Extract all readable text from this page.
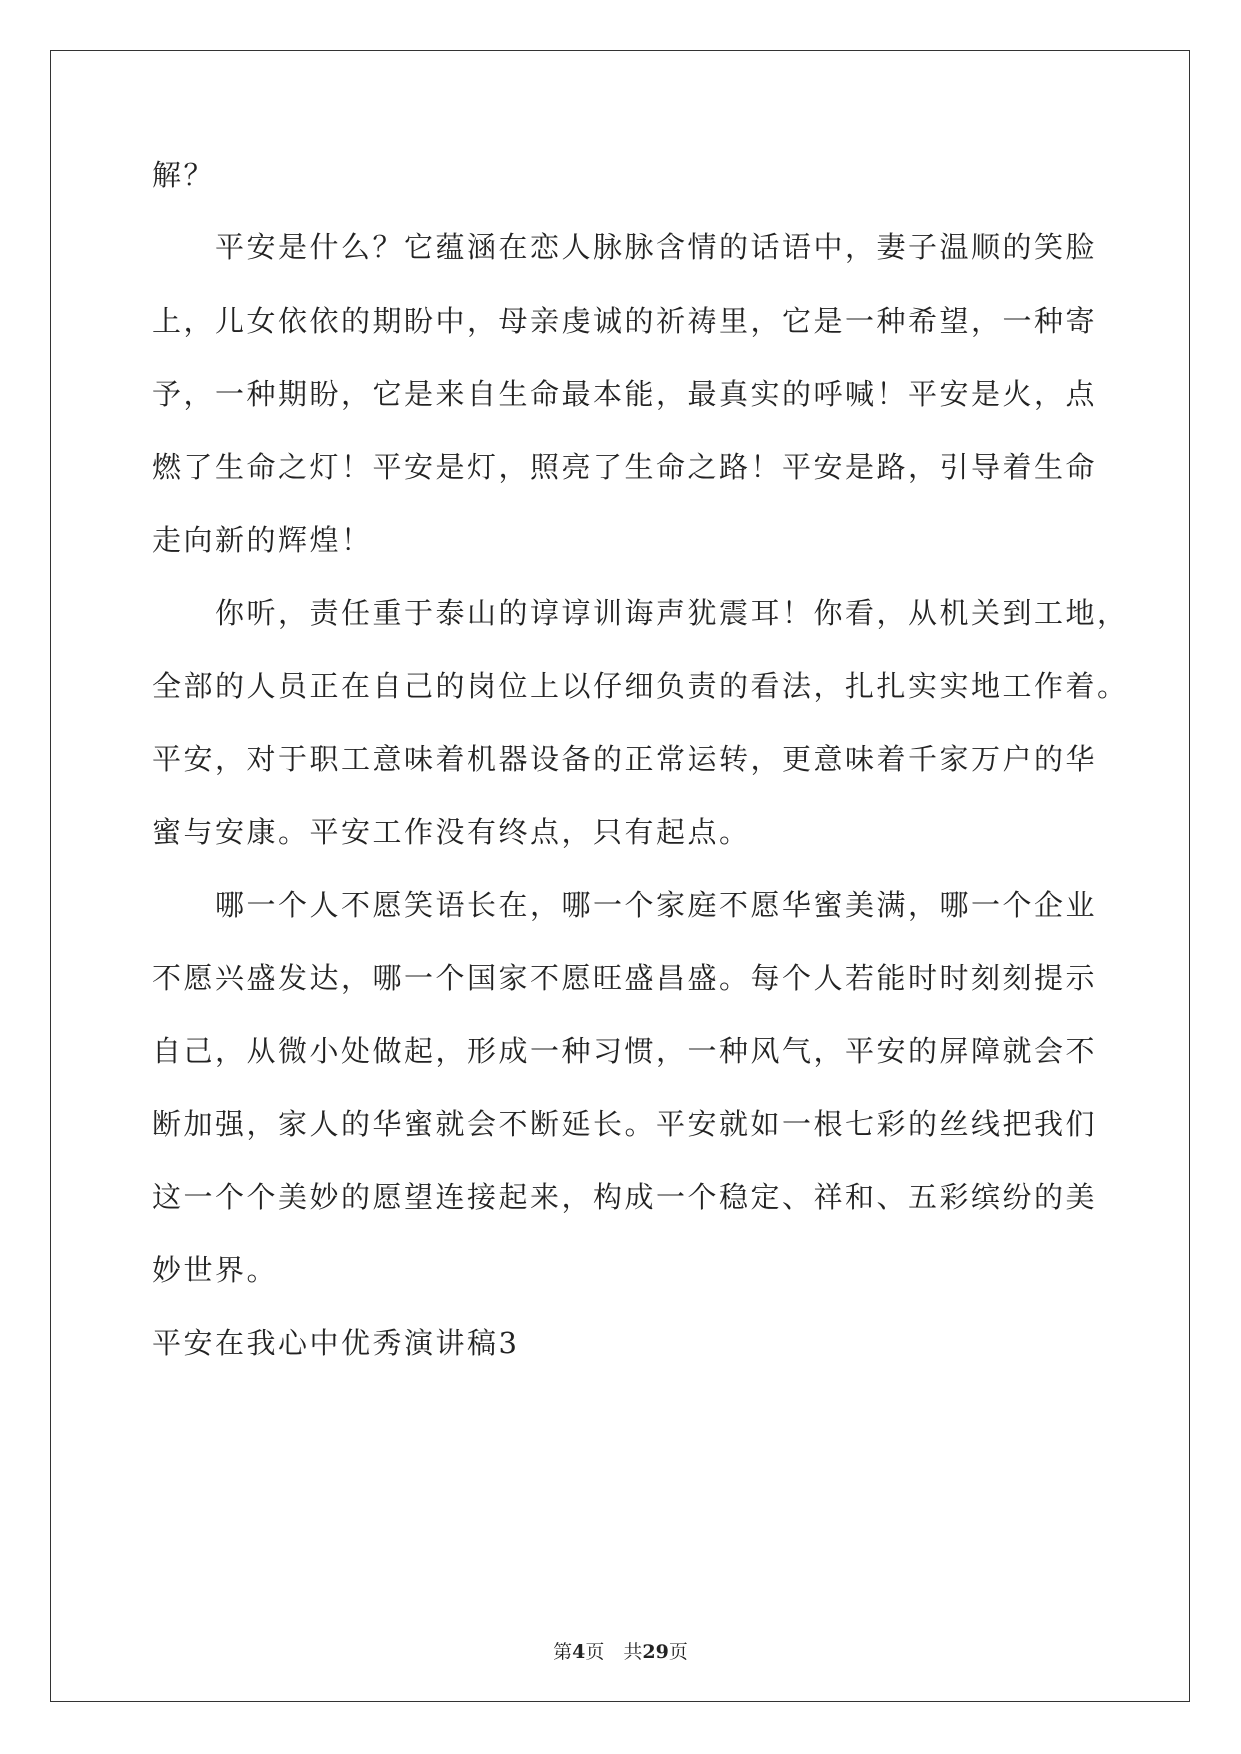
解？
　　平安是什么？它蕴涵在恋人脉脉含情的话语中，妻子温顺的笑脸
上，儿女依依的期盼中，母亲虔诚的祈祷里，它是一种希望，一种寄
予，一种期盼，它是来自生命最本能，最真实的呼喊！平安是火，点
燃了生命之灯！平安是灯，照亮了生命之路！平安是路，引导着生命
走向新的辉煌！
　　你听，责任重于泰山的谆谆训诲声犹震耳！你看，从机关到工地，
全部的人员正在自己的岗位上以仔细负责的看法，扎扎实实地工作着。
平安，对于职工意味着机器设备的正常运转，更意味着千家万户的华
蜜与安康。平安工作没有终点，只有起点。
　　哪一个人不愿笑语长在，哪一个家庭不愿华蜜美满，哪一个企业
不愿兴盛发达，哪一个国家不愿旺盛昌盛。每个人若能时时刻刻提示
自己，从微小处做起，形成一种习惯，一种风气，平安的屏障就会不
断加强，家人的华蜜就会不断延长。平安就如一根七彩的丝线把我们
这一个个美妙的愿望连接起来，构成一个稳定、祥和、五彩缤纷的美
妙世界。
平安在我心中优秀演讲稿3
第4页　共29页
